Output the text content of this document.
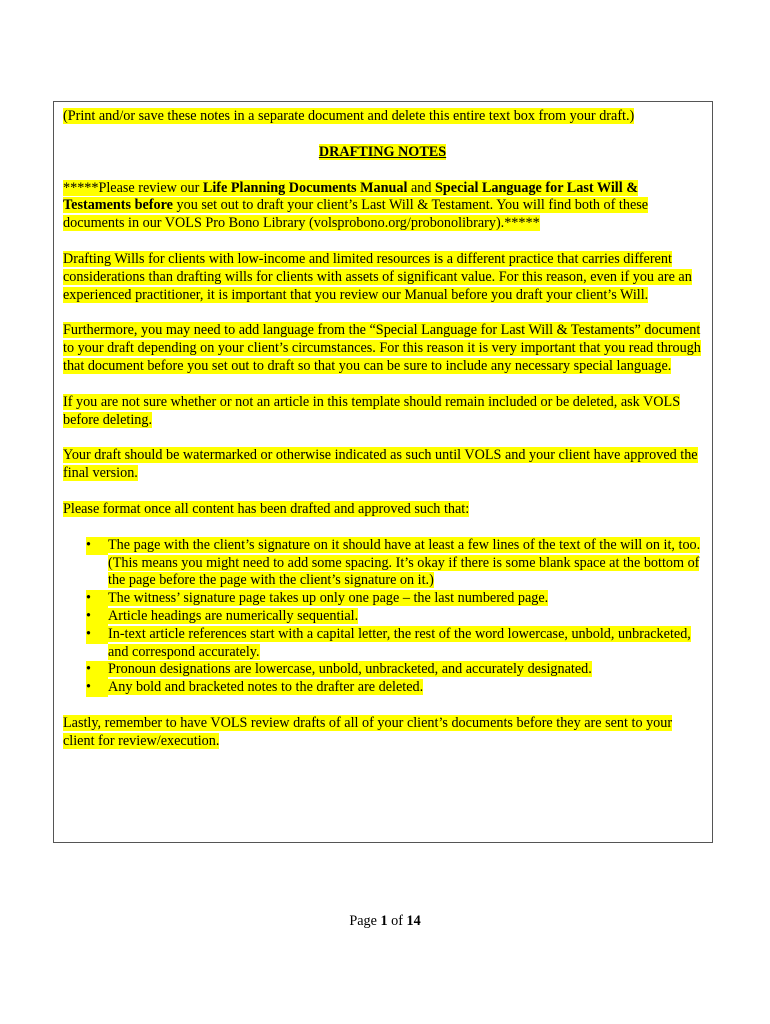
(Print and/or save these notes in a separate document and delete this entire text box from your draft.)

DRAFTING NOTES

*****Please review our Life Planning Documents Manual and Special Language for Last Will & Testaments before you set out to draft your client’s Last Will & Testament. You will find both of these documents in our VOLS Pro Bono Library (volsprobono.org/probonolibrary).*****

Drafting Wills for clients with low-income and limited resources is a different practice that carries different considerations than drafting wills for clients with assets of significant value. For this reason, even if you are an experienced practitioner, it is important that you review our Manual before you draft your client’s Will.

Furthermore, you may need to add language from the “Special Language for Last Will & Testaments” document to your draft depending on your client’s circumstances. For this reason it is very important that you read through that document before you set out to draft so that you can be sure to include any necessary special language.

If you are not sure whether or not an article in this template should remain included or be deleted, ask VOLS before deleting.

Your draft should be watermarked or otherwise indicated as such until VOLS and your client have approved the final version.

Please format once all content has been drafted and approved such that:

•	The page with the client’s signature on it should have at least a few lines of the text of the will on it, too. (This means you might need to add some spacing. It’s okay if there is some blank space at the bottom of the page before the page with the client’s signature on it.)
•	The witness’ signature page takes up only one page – the last numbered page.
•	Article headings are numerically sequential.
•	In-text article references start with a capital letter, the rest of the word lowercase, unbold, unbracketed, and correspond accurately.
•	Pronoun designations are lowercase, unbold, unbracketed, and accurately designated.
•	Any bold and bracketed notes to the drafter are deleted.

Lastly, remember to have VOLS review drafts of all of your client’s documents before they are sent to your client for review/execution.

Page 1 of 14
